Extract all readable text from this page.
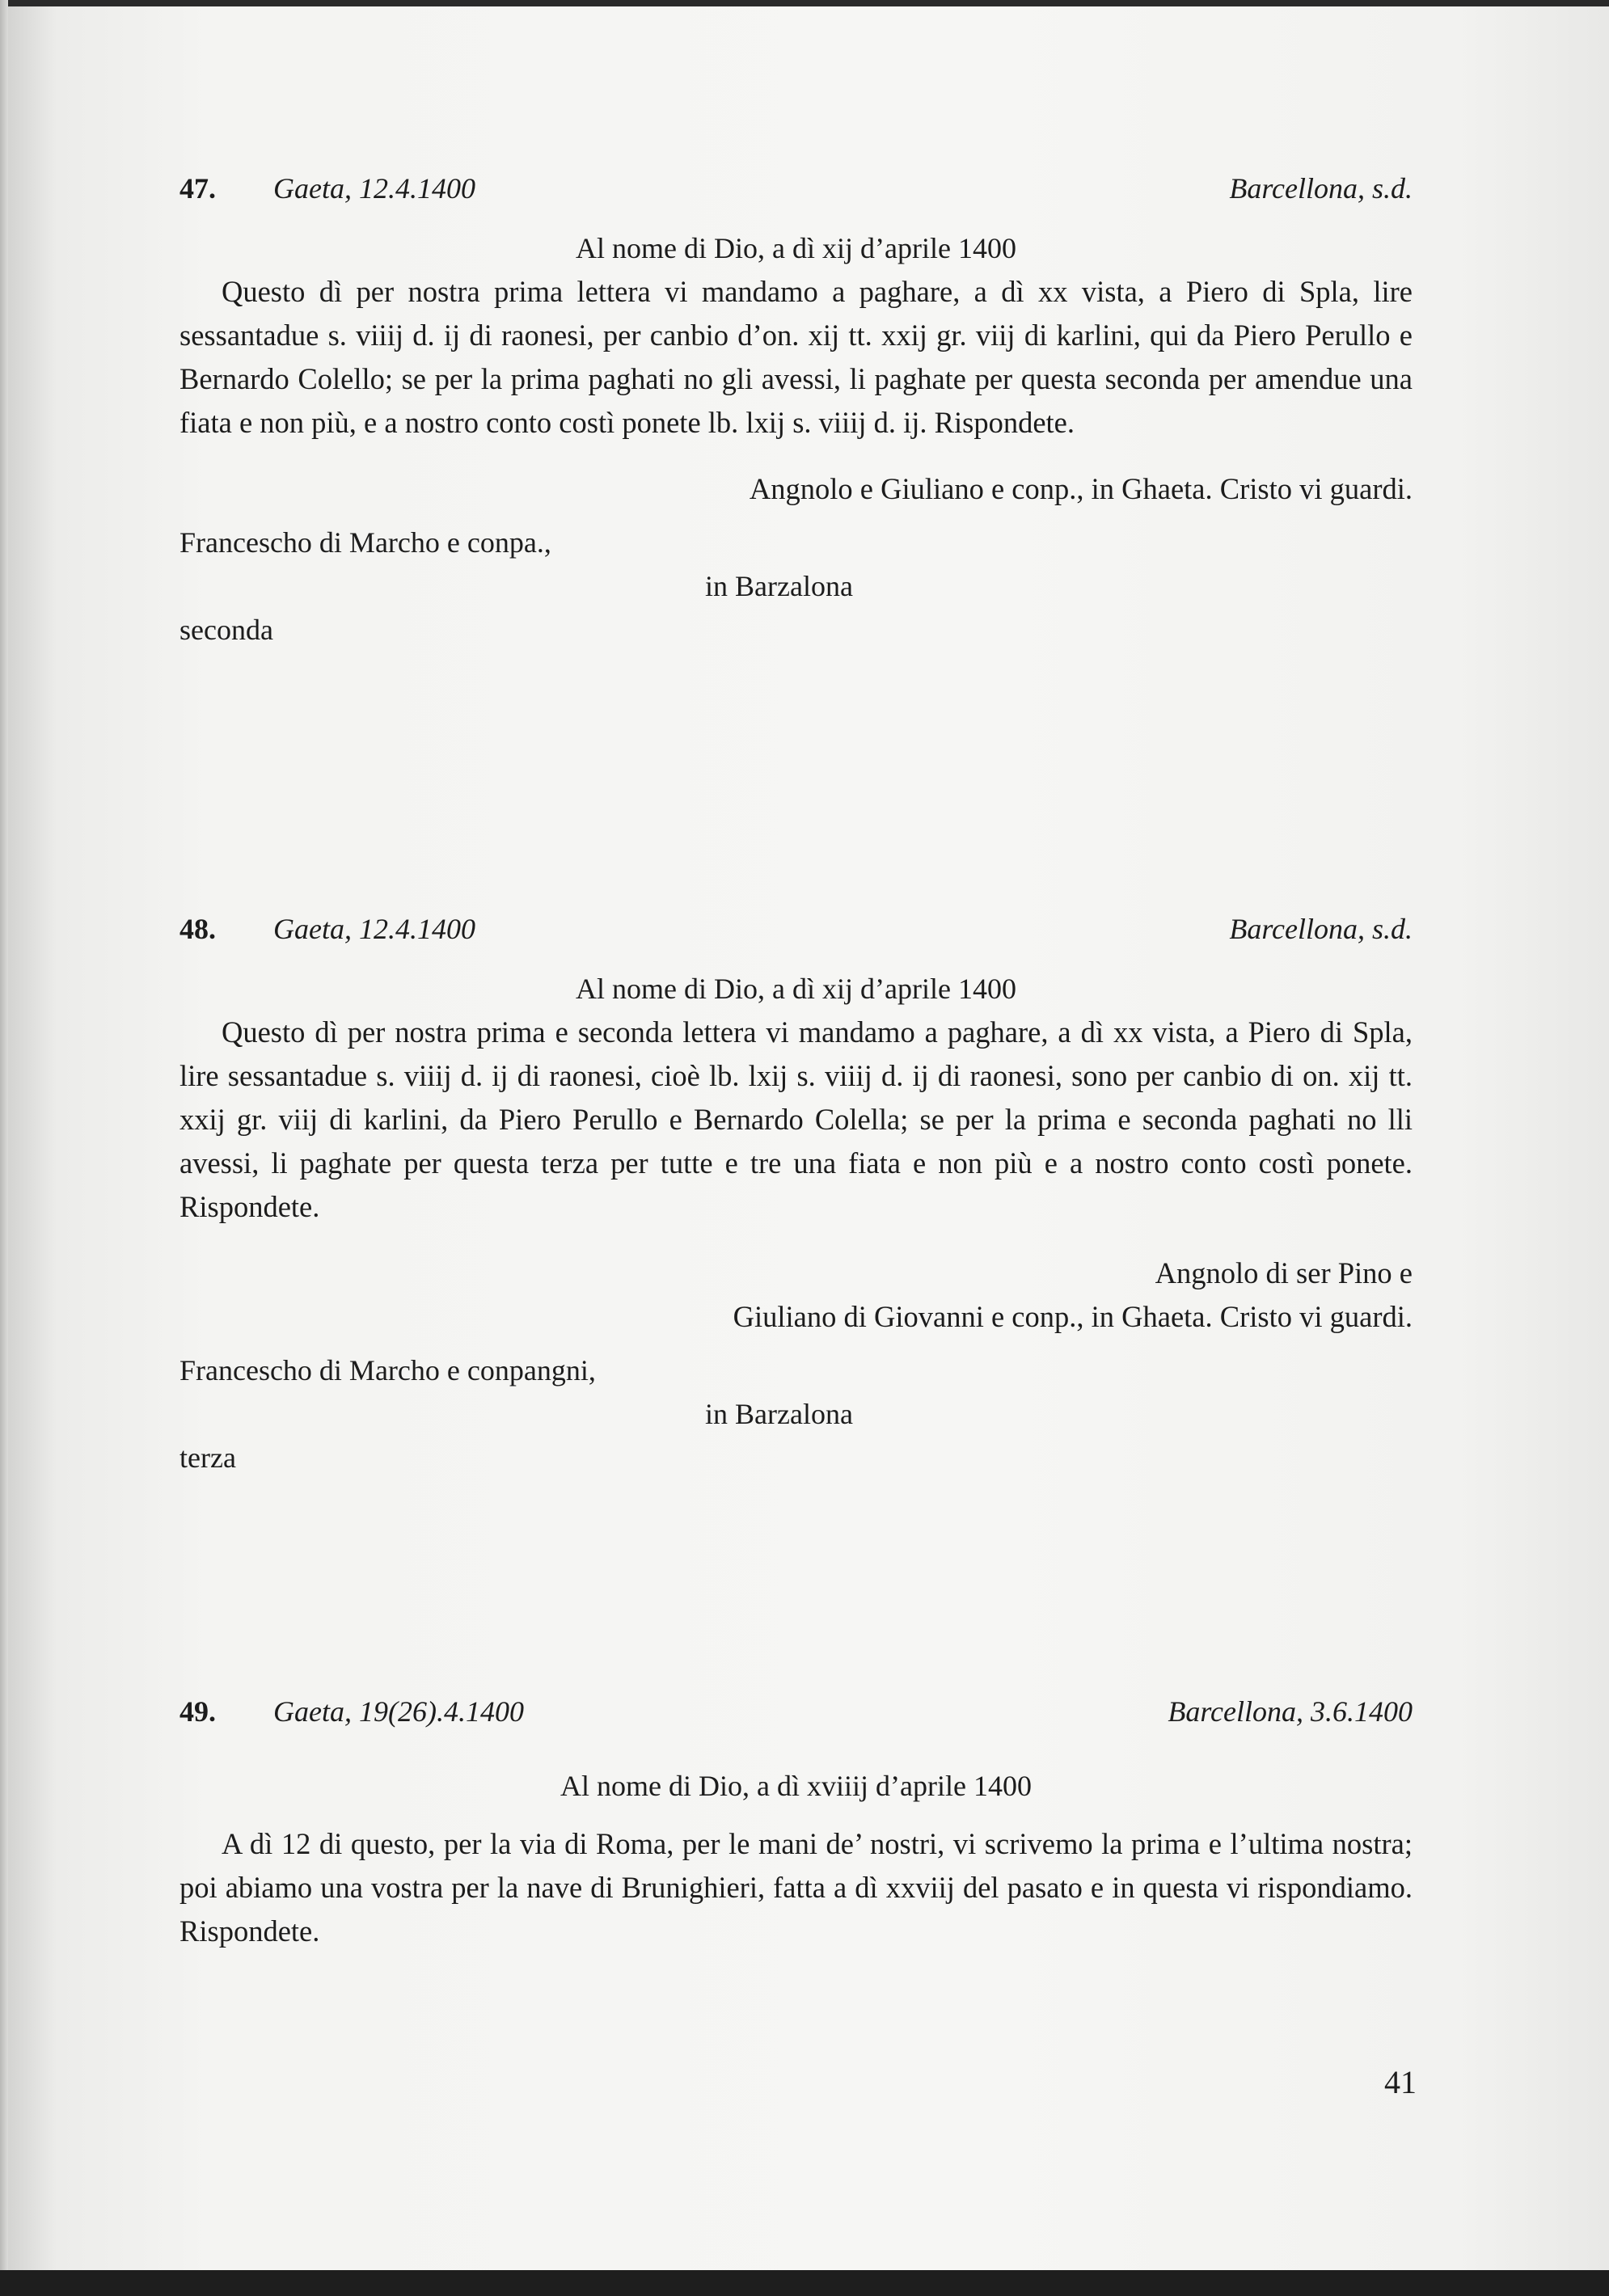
47. Gaeta, 12.4.1400	Barcellona, s.d.
Al nome di Dio, a dì xij d’aprile 1400

Questo dì per nostra prima lettera vi mandamo a paghare, a dì xx vista, a Piero di Spla, lire sessantadue s. viiij d. ij di raonesi, per canbio d’on. xij tt. xxij gr. viij di karlini, qui da Piero Perullo e Bernardo Colello; se per la prima paghati no gli avessi, li paghate per questa seconda per amendue una fiata e non più, e a nostro conto costì ponete lb. lxij s. viiij d. ij. Rispondete.

Angnolo e Giuliano e conp., in Ghaeta. Cristo vi guardi.
Francescho di Marcho e conpa.,
in Barzalona
seconda
48. Gaeta, 12.4.1400	Barcellona, s.d.
Al nome di Dio, a dì xij d’aprile 1400

Questo dì per nostra prima e seconda lettera vi mandamo a paghare, a dì xx vista, a Piero di Spla, lire sessantadue s. viiij d. ij di raonesi, cioè lb. lxij s. viiij d. ij di raonesi, sono per canbio di on. xij tt. xxij gr. viij di karlini, da Piero Perullo e Bernardo Colella; se per la prima e seconda paghati no lli avessi, li paghate per questa terza per tutte e tre una fiata e non più e a nostro conto costì ponete. Rispondete.

Angnolo di ser Pino e
Giuliano di Giovanni e conp., in Ghaeta. Cristo vi guardi.
Francescho di Marcho e conpangni,
in Barzalona
terza
49. Gaeta, 19(26).4.1400	Barcellona, 3.6.1400
Al nome di Dio, a dì xviiij d’aprile 1400

A dì 12 di questo, per la via di Roma, per le mani de’ nostri, vi scrivemo la prima e l’ultima nostra; poi abiamo una vostra per la nave di Brunighieri, fatta a dì xxviij del pasato e in questa vi rispondiamo. Rispondete.

41
